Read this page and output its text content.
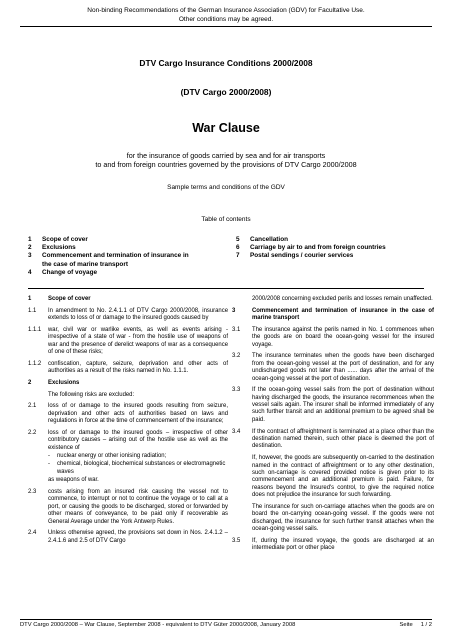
Non-binding Recommendations of the German Insurance Association (GDV) for Facultative Use.
Other conditions may be agreed.
DTV Cargo Insurance Conditions 2000/2008
(DTV Cargo 2000/2008)
War Clause
for the insurance of goods carried by sea and for air transports
to and from foreign countries governed by the provisions of DTV Cargo 2000/2008
Sample terms and conditions of the GDV
Table of contents
1	Scope of cover
2	Exclusions
3	Commencement and termination of insurance in the case of marine transport
4	Change of voyage
5	Cancellation
6	Carriage by air to and from foreign countries
7	Postal sendings / courier services
1	Scope of cover
1.1	In amendment to No. 2.4.1.1 of DTV Cargo 2000/2008, insurance extends to loss of or damage to the insured goods caused by
1.1.1	war, civil war or warlike events, as well as events arising - irrespective of a state of war - from the hostile use of weapons of war and the presence of derelict weapons of war as a consequence of one of these risks;
1.1.2	confiscation, capture, seizure, deprivation and other acts of authorities as a result of the risks named in No. 1.1.1.
2	Exclusions
The following risks are excluded:
2.1	loss of or damage to the insured goods resulting from seizure, deprivation and other acts of authorities based on laws and regulations in force at the time of commencement of the insurance;
2.2	loss of or damage to the insured goods – irrespective of other contributory causes – arising out of the hostile use as well as the existence of
-	nuclear energy or other ionising radiation;
-	chemical, biological, biochemical substances or electromagnetic waves
as weapons of war.
2.3	costs arising from an insured risk causing the vessel not to commence, to interrupt or not to continue the voyage or to call at a port, or causing the goods to be discharged, stored or forwarded by other means of conveyance, to be paid only if recoverable as General Average under the York Antwerp Rules.
2.4	Unless otherwise agreed, the provisions set down in Nos. 2.4.1.2 – 2.4.1.6 and 2.5 of DTV Cargo
2000/2008 concerning excluded perils and losses remain unaffected.
3	Commencement and termination of insurance in the case of marine transport
3.1	The insurance against the perils named in No. 1 commences when the goods are on board the ocean-going vessel for the insured voyage.
3.2	The insurance terminates when the goods have been discharged from the ocean-going vessel at the port of destination, and for any undischarged goods not later than ...... days after the arrival of the ocean-going vessel at the port of destination.
3.3	If the ocean-going vessel sails from the port of destination without having discharged the goods, the insurance recommences when the vessel sails again. The insurer shall be informed immediately of any such further transit and an additional premium to be agreed shall be paid.
3.4	If the contract of affreightment is terminated at a place other than the destination named therein, such other place is deemed the port of destination.
If, however, the goods are subsequently on-carried to the destination named in the contract of affreightment or to any other destination, such on-carriage is covered provided notice is given prior to its commencement and an additional premium is paid. Failure, for reasons beyond the Insured's control, to give the required notice does not prejudice the insurance for such forwarding.
The insurance for such on-carriage attaches when the goods are on board the on-carrying ocean-going vessel. If the goods were not discharged, the insurance for such further transit attaches when the ocean-going vessel sails.
3.5	If, during the insured voyage, the goods are discharged at an intermediate port or other place
DTV Cargo 2000/2008 – War Clause, September 2008 - equivalent to DTV Güter 2000/2008, January 2008	Seite 1 / 2
